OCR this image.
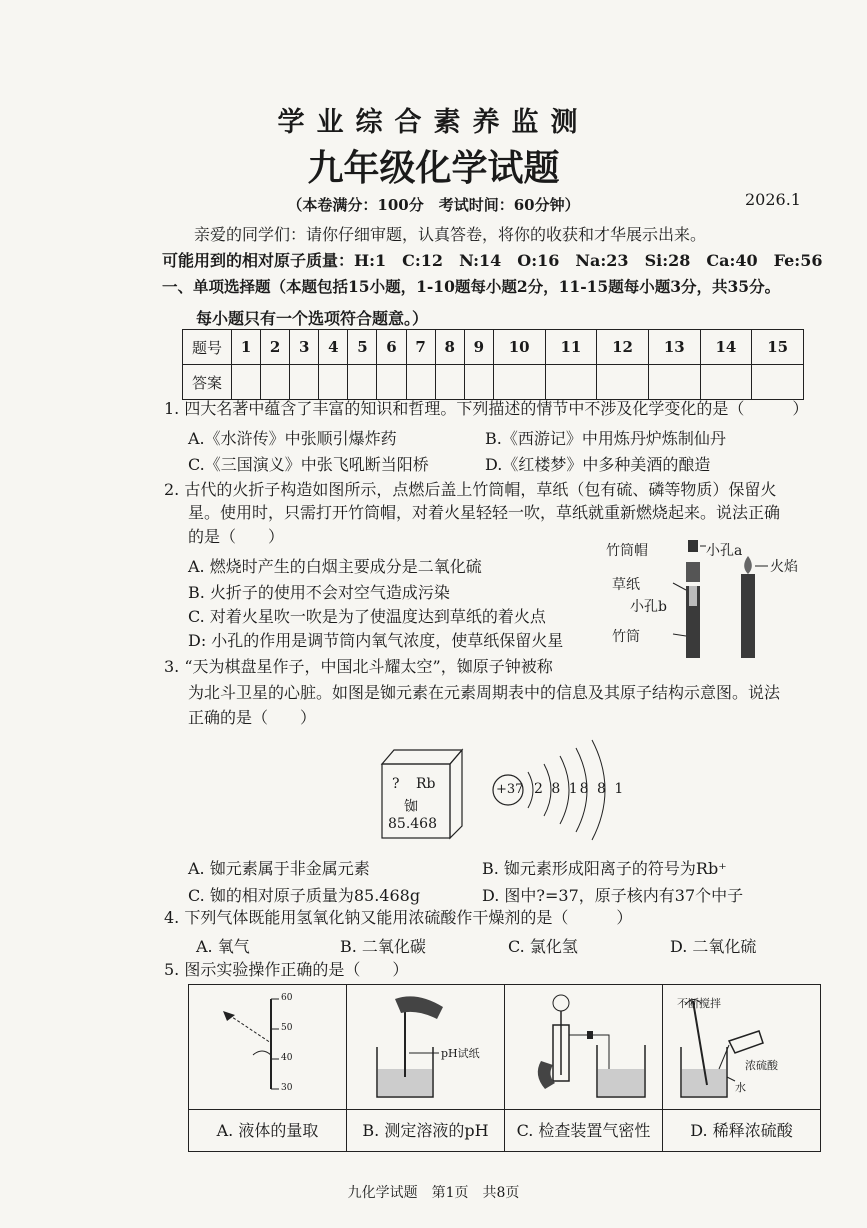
学业综合素养监测
九年级化学试题
（本卷满分：100分　考试时间：60分钟）	2026.1
亲爱的同学们：请你仔细审题，认真答卷，将你的收获和才华展示出来。
可能用到的相对原子质量：H:1　C:12　N:14　O:16　Na:23　Si:28　Ca:40　Fe:56
一、单项选择题（本题包括15小题，1-10题每小题2分，11-15题每小题3分，共35分。
每小题只有一个选项符合题意。）
题号	1	2	3	4	5	6	7	8	9	10	11	12	13	14	15
答案															
1. 四大名著中蕴含了丰富的知识和哲理。下列描述的情节中不涉及化学变化的是（　　　）
A.《水浒传》中张顺引爆炸药	B.《西游记》中用炼丹炉炼制仙丹
C.《三国演义》中张飞吼断当阳桥	D.《红楼梦》中多种美酒的酿造
2. 古代的火折子构造如图所示，点燃后盖上竹筒帽，草纸（包有硫、磷等物质）保留火
星。使用时，只需打开竹筒帽，对着火星轻轻一吹，草纸就重新燃烧起来。说法正确
的是（　　）
A. 燃烧时产生的白烟主要成分是二氧化硫
B. 火折子的使用不会对空气造成污染
C. 对着火星吹一吹是为了使温度达到草纸的着火点
D: 小孔的作用是调节筒内氧气浓度，使草纸保留火星
竹筒帽	小孔a
火焰
草纸
小孔b
竹筒
3. “天为棋盘星作子，中国北斗耀太空”，铷原子钟被称
为北斗卫星的心脏。如图是铷元素在元素周期表中的信息及其原子结构示意图。说法
正确的是（　　）
? Rb
铷
85.468
+37 2 8 18 8 1
A. 铷元素属于非金属元素	B. 铷元素形成阳离子的符号为Rb⁺
C. 铷的相对原子质量为85.468g	D. 图中?=37，原子核内有37个中子
4. 下列气体既能用氢氧化钠又能用浓硫酸作干燥剂的是（　　　）
A. 氧气	B. 二氧化碳	C. 氯化氢	D. 二氧化硫
5. 图示实验操作正确的是（　　）
60
50
40
30
A. 液体的量取
pH试纸
B. 测定溶液的pH	C. 检查装置气密性
不断搅拌
浓硫酸
水
D. 稀释浓硫酸
九化学试题　第1页　共8页
